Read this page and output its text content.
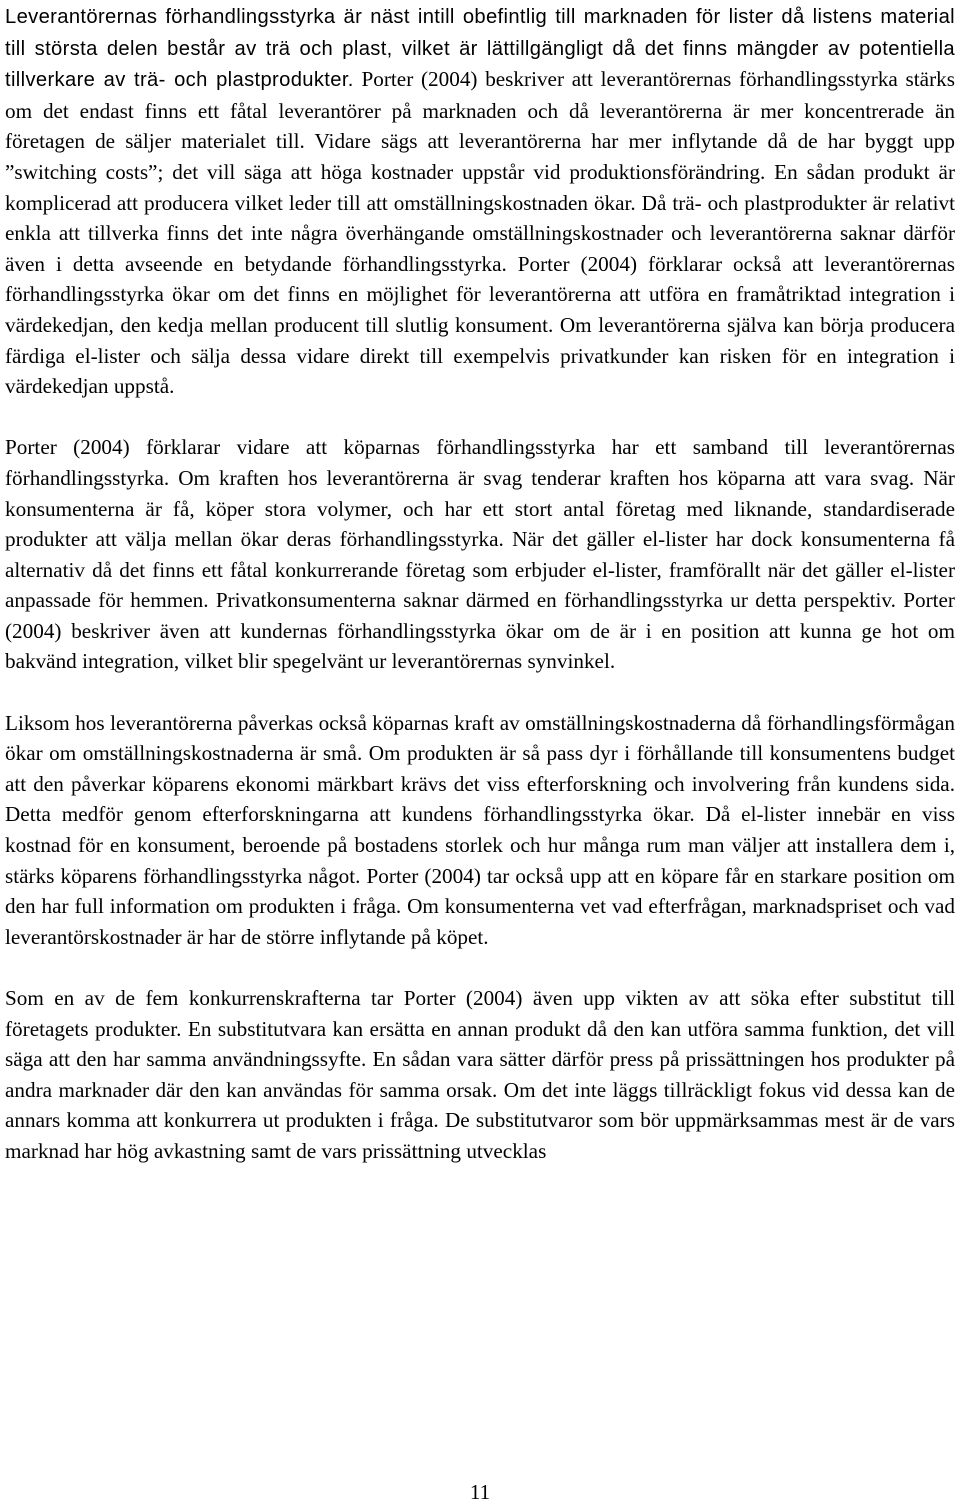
Leverantörernas förhandlingsstyrka är näst intill obefintlig till marknaden för lister då listens material till största delen består av trä och plast, vilket är lättillgängligt då det finns mängder av potentiella tillverkare av trä- och plastprodukter. Porter (2004) beskriver att leverantörernas förhandlingsstyrka stärks om det endast finns ett fåtal leverantörer på marknaden och då leverantörerna är mer koncentrerade än företagen de säljer materialet till. Vidare sägs att leverantörerna har mer inflytande då de har byggt upp ”switching costs”; det vill säga att höga kostnader uppstår vid produktionsförändring. En sådan produkt är komplicerad att producera vilket leder till att omställningskostnaden ökar. Då trä- och plastprodukter är relativt enkla att tillverka finns det inte några överhängande omställningskostnader och leverantörerna saknar därför även i detta avseende en betydande förhandlingsstyrka. Porter (2004) förklarar också att leverantörernas förhandlingsstyrka ökar om det finns en möjlighet för leverantörerna att utföra en framåtriktad integration i värdekedjan, den kedja mellan producent till slutlig konsument. Om leverantörerna själva kan börja producera färdiga el-lister och sälja dessa vidare direkt till exempelvis privatkunder kan risken för en integration i värdekedjan uppstå.

Porter (2004) förklarar vidare att köparnas förhandlingsstyrka har ett samband till leverantörernas förhandlingsstyrka. Om kraften hos leverantörerna är svag tenderar kraften hos köparna att vara svag. När konsumenterna är få, köper stora volymer, och har ett stort antal företag med liknande, standardiserade produkter att välja mellan ökar deras förhandlingsstyrka. När det gäller el-lister har dock konsumenterna få alternativ då det finns ett fåtal konkurrerande företag som erbjuder el-lister, framförallt när det gäller el-lister anpassade för hemmen. Privatkonsumenterna saknar därmed en förhandlingsstyrka ur detta perspektiv. Porter (2004) beskriver även att kundernas förhandlingsstyrka ökar om de är i en position att kunna ge hot om bakvänd integration, vilket blir spegelvänt ur leverantörernas synvinkel.

Liksom hos leverantörerna påverkas också köparnas kraft av omställningskostnaderna då förhandlingsförmågan ökar om omställningskostnaderna är små. Om produkten är så pass dyr i förhållande till konsumentens budget att den påverkar köparens ekonomi märkbart krävs det viss efterforskning och involvering från kundens sida. Detta medför genom efterforskningarna att kundens förhandlingsstyrka ökar. Då el-lister innebär en viss kostnad för en konsument, beroende på bostadens storlek och hur många rum man väljer att installera dem i, stärks köparens förhandlingsstyrka något. Porter (2004) tar också upp att en köpare får en starkare position om den har full information om produkten i fråga. Om konsumenterna vet vad efterfrågan, marknadspriset och vad leverantörskostnader är har de större inflytande på köpet.

Som en av de fem konkurrenskrafterna tar Porter (2004) även upp vikten av att söka efter substitut till företagets produkter. En substitutvara kan ersätta en annan produkt då den kan utföra samma funktion, det vill säga att den har samma användningssyfte. En sådan vara sätter därför press på prissättningen hos produkter på andra marknader där den kan användas för samma orsak. Om det inte läggs tillräckligt fokus vid dessa kan de annars komma att konkurrera ut produkten i fråga. De substitutvaror som bör uppmärksammas mest är de vars marknad har hög avkastning samt de vars prissättning utvecklas

11
